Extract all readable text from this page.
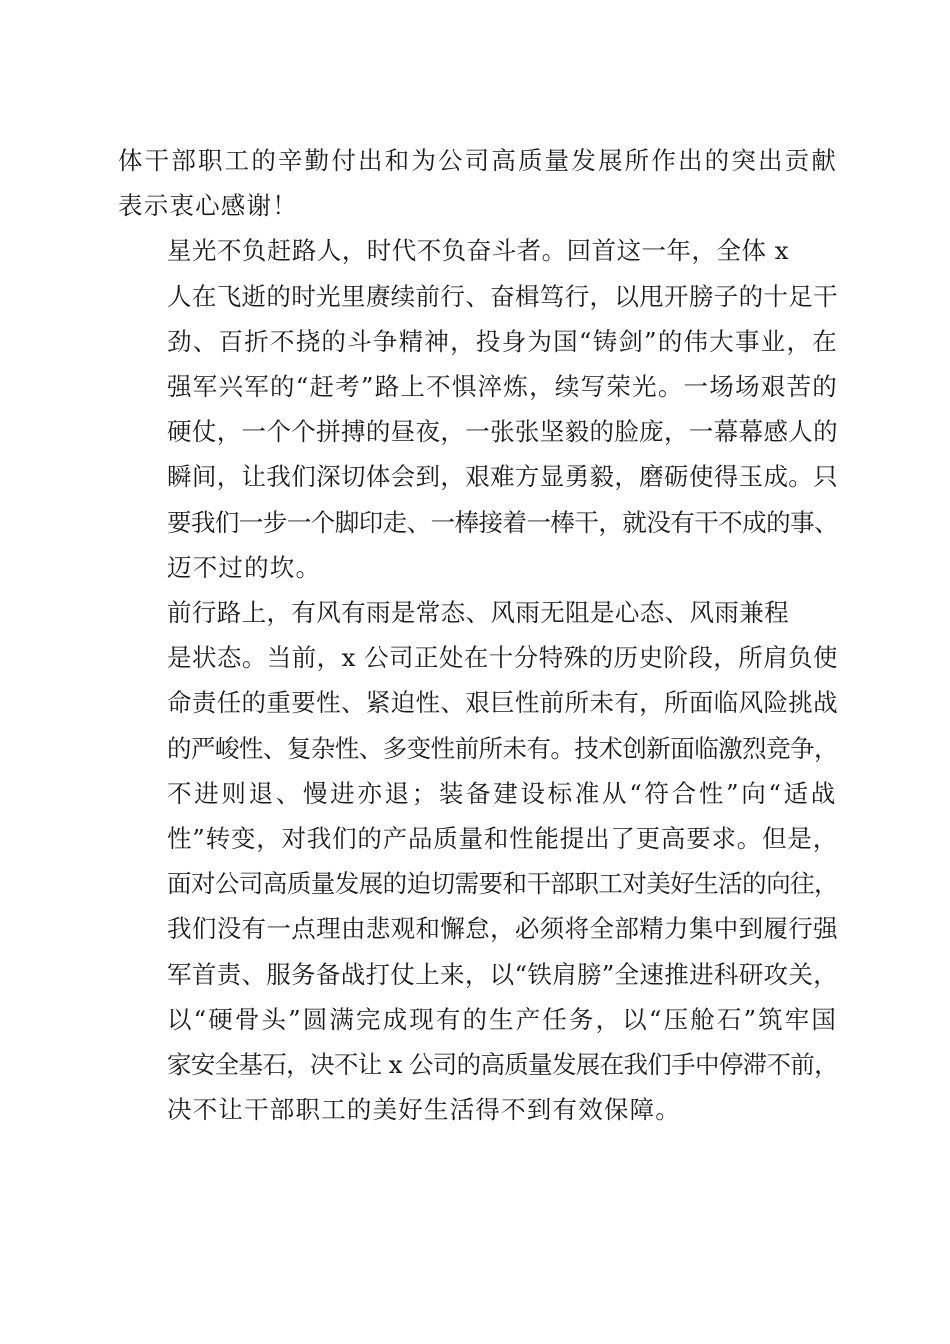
体干部职工的辛勤付出和为公司高质量发展所作出的突出贡献
表示衷心感谢！
星光不负赶路人，时代不负奋斗者。回首这一年，全体 x
人在飞逝的时光里赓续前行、奋楫笃行，以甩开膀子的十足干
劲、百折不挠的斗争精神，投身为国“铸剑”的伟大事业，在
强军兴军的“赶考”路上不惧淬炼，续写荣光。一场场艰苦的
硬仗，一个个拼搏的昼夜，一张张坚毅的脸庞，一幕幕感人的
瞬间，让我们深切体会到，艰难方显勇毅，磨砺使得玉成。只
要我们一步一个脚印走、一棒接着一棒干，就没有干不成的事、
迈不过的坎。
前行路上，有风有雨是常态、风雨无阻是心态、风雨兼程
是状态。当前，x 公司正处在十分特殊的历史阶段，所肩负使
命责任的重要性、紧迫性、艰巨性前所未有，所面临风险挑战
的严峻性、复杂性、多变性前所未有。技术创新面临激烈竞争，
不进则退、慢进亦退；装备建设标准从“符合性”向“适战
性”转变，对我们的产品质量和性能提出了更高要求。但是，
面对公司高质量发展的迫切需要和干部职工对美好生活的向往，
我们没有一点理由悲观和懈怠，必须将全部精力集中到履行强
军首责、服务备战打仗上来，以“铁肩膀”全速推进科研攻关，
以“硬骨头”圆满完成现有的生产任务，以“压舱石”筑牢国
家安全基石，决不让 x 公司的高质量发展在我们手中停滞不前，
决不让干部职工的美好生活得不到有效保障。
